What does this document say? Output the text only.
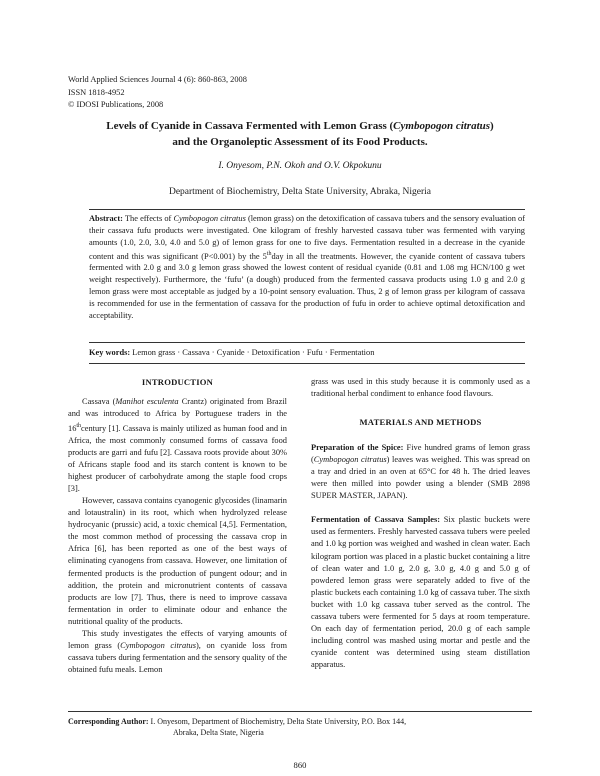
World Applied Sciences Journal 4 (6): 860-863, 2008
ISSN 1818-4952
© IDOSI Publications, 2008
Levels of Cyanide in Cassava Fermented with Lemon Grass (Cymbopogon citratus)
and the Organoleptic Assessment of its Food Products.
I. Onyesom, P.N. Okoh and O.V. Okpokunu
Department of Biochemistry, Delta State University, Abraka, Nigeria
Abstract: The effects of Cymbopogon citratus (lemon grass) on the detoxification of cassava tubers and the sensory evaluation of their cassava fufu products were investigated. One kilogram of freshly harvested cassava tuber was fermented with varying amounts (1.0, 2.0, 3.0, 4.0 and 5.0 g) of lemon grass for one to five days. Fermentation resulted in a decrease in the cyanide content and this was significant (P<0.001) by the 5thday in all the treatments. However, the cyanide content of cassava tubers fermented with 2.0 g and 3.0 g lemon grass showed the lowest content of residual cyanide (0.81 and 1.08 mg HCN/100 g wet weight respectively). Furthermore, the ‘fufu’ (a dough) produced from the fermented cassava products using 1.0 g and 2.0 g lemon grass were most acceptable as judged by a 10-point sensory evaluation. Thus, 2 g of lemon grass per kilogram of cassava is recommended for use in the fermentation of cassava for the production of fufu in order to achieve optimal detoxification and acceptability.
Key words: Lemon grass · Cassava · Cyanide · Detoxification · Fufu · Fermentation

INTRODUCTION

Cassava (Manihot esculenta Crantz) originated from Brazil and was introduced to Africa by Portuguese traders in the 16thcentury [1]. Cassava is mainly utilized as human food and in Africa, the most commonly consumed forms of cassava food products are garri and fufu [2]. Cassava roots provide about 30% of Africans staple food and its starch content is known to be highest producer of carbohydrate among the staple food crops [3].

However, cassava contains cyanogenic glycosides (linamarin and lotaustralin) in its root, which when hydrolyzed release hydrocyanic (prussic) acid, a toxic chemical [4,5]. Fermentation, the most common method of processing the cassava crop in Africa [6], has been reported as one of the best ways of eliminating cyanogens from cassava. However, one limitation of fermented products is the production of pungent odour; and in addition, the protein and micronutrient contents of cassava products are low [7]. Thus, there is need to improve cassava fermentation in order to eliminate odour and enhance the nutritional quality of the products.

This study investigates the effects of varying amounts of lemon grass (Cymbopogon citratus), on cyanide loss from cassava tubers during fermentation and the sensory quality of the obtained fufu meals. Lemon

grass was used in this study because it is commonly used as a traditional herbal condiment to enhance food flavours.

MATERIALS AND METHODS

Preparation of the Spice: Five hundred grams of lemon grass (Cymbopogon citratus) leaves was weighed. This was spread on a tray and dried in an oven at 65°C for 48 h. The dried leaves were then milled into powder using a blender (SMB 2898 SUPER MASTER, JAPAN).

Fermentation of Cassava Samples: Six plastic buckets were used as fermenters. Freshly harvested cassava tubers were peeled and 1.0 kg portion was weighed and washed in clean water. Each kilogram portion was placed in a plastic bucket containing a litre of clean water and 1.0 g, 2.0 g, 3.0 g, 4.0 g and 5.0 g of powdered lemon grass were separately added to five of the plastic buckets each containing 1.0 kg of cassava tuber. The sixth bucket with 1.0 kg cassava tuber served as the control. The cassava tubers were fermented for 5 days at room temperature. On each day of fermentation period, 20.0 g of each sample including control was mashed using mortar and pestle and the cyanide content was determined using steam distillation apparatus.

Corresponding Author: I. Onyesom, Department of Biochemistry, Delta State University, P.O. Box 144,
Abraka, Delta State, Nigeria
860
